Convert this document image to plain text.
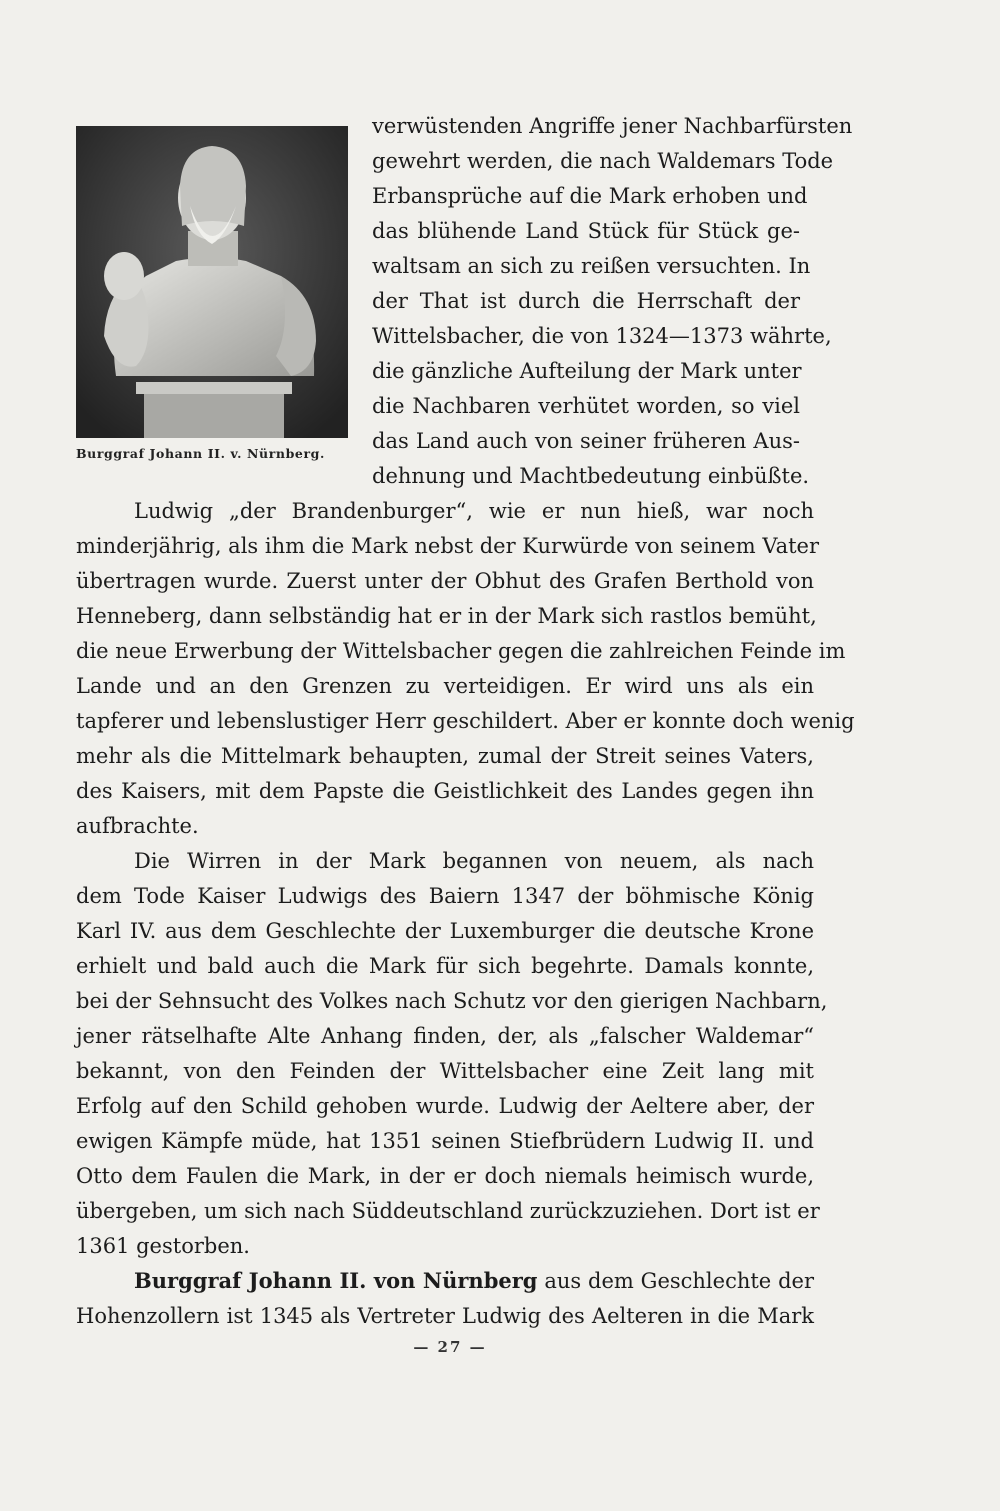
Burggraf Johann II. v. Nürnberg.
verwüstenden Angriffe jener Nachbarfürsten
gewehrt werden, die nach Waldemars Tode
Erbansprüche auf die Mark erhoben und
das blühende Land Stück für Stück ge-
waltsam an sich zu reißen versuchten. In
der That ist durch die Herrschaft der
Wittelsbacher, die von 1324—1373 währte,
die gänzliche Aufteilung der Mark unter
die Nachbaren verhütet worden, so viel
das Land auch von seiner früheren Aus-
dehnung und Machtbedeutung einbüßte.
Ludwig „der Brandenburger“, wie er nun hieß, war noch
minderjährig, als ihm die Mark nebst der Kurwürde von seinem Vater
übertragen wurde. Zuerst unter der Obhut des Grafen Berthold von
Henneberg, dann selbständig hat er in der Mark sich rastlos bemüht,
die neue Erwerbung der Wittelsbacher gegen die zahlreichen Feinde im
Lande und an den Grenzen zu verteidigen. Er wird uns als ein
tapferer und lebenslustiger Herr geschildert. Aber er konnte doch wenig
mehr als die Mittelmark behaupten, zumal der Streit seines Vaters,
des Kaisers, mit dem Papste die Geistlichkeit des Landes gegen ihn
aufbrachte.
Die Wirren in der Mark begannen von neuem, als nach
dem Tode Kaiser Ludwigs des Baiern 1347 der böhmische König
Karl IV. aus dem Geschlechte der Luxemburger die deutsche Krone
erhielt und bald auch die Mark für sich begehrte. Damals konnte,
bei der Sehnsucht des Volkes nach Schutz vor den gierigen Nachbarn,
jener rätselhafte Alte Anhang finden, der, als „falscher Waldemar“
bekannt, von den Feinden der Wittelsbacher eine Zeit lang mit
Erfolg auf den Schild gehoben wurde. Ludwig der Aeltere aber, der
ewigen Kämpfe müde, hat 1351 seinen Stiefbrüdern Ludwig II. und
Otto dem Faulen die Mark, in der er doch niemals heimisch wurde,
übergeben, um sich nach Süddeutschland zurückzuziehen. Dort ist er
1361 gestorben.
Burggraf Johann II. von Nürnberg aus dem Geschlechte der
Hohenzollern ist 1345 als Vertreter Ludwig des Aelteren in die Mark
— 27 —
